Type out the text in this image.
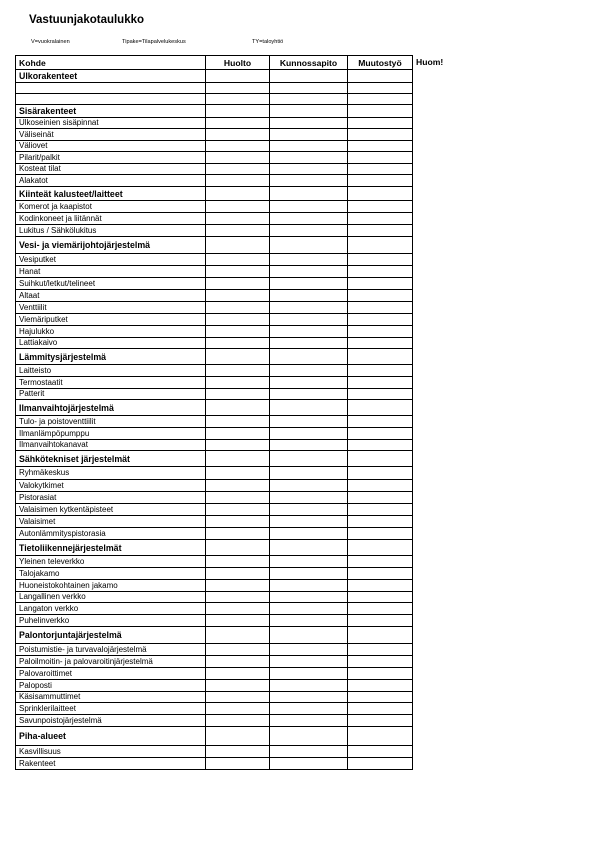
Vastuunjakotaulukko
V=vuokralainen	Tipake=Tilapalvelukeskus	TY=taloyhtiö
Kohde	Huolto	Kunnossapito	Muutostyö
Ulkorakenteet			

Sisärakenteet			
Ulkoseinien sisäpinnat			
Väliseinät			
Väliovet			
Pilarit/palkit			
Kosteat tilat			
Alakatot			
Kiinteät kalusteet/laitteet			
Komerot ja kaapistot			
Kodinkoneet ja liitännät			
Lukitus / Sähkölukitus			
Vesi- ja viemärijohtojärjestelmä			
Vesiputket			
Hanat			
Suihkut/letkut/telineet			
Altaat			
Venttiilit			
Viemäriputket			
Hajulukko			
Lattiakaivo			
Lämmitysjärjestelmä			
Laitteisto			
Termostaatit			
Patterit			
Ilmanvaihtojärjestelmä			
Tulo- ja poistoventtiilit			
Ilmanlämpöpumppu			
Ilmanvaihtokanavat			
Sähkötekniset järjestelmät			
Ryhmäkeskus			
Valokytkimet			
Pistorasiat			
Valaisimen kytkentäpisteet			
Valaisimet			
Autonlämmityspistorasia			
Tietoliikennejärjestelmät			
Yleinen televerkko			
Talojakamo			
Huoneistokohtainen jakamo			
Langallinen verkko			
Langaton verkko			
Puhelinverkko			
Palontorjuntajärjestelmä			
Poistumistie- ja turvavalojärjestelmä			
Paloilmoitin- ja palovaroitinjärjestelmä			
Palovaroittimet			
Paloposti			
Käsisammuttimet			
Sprinklerilaitteet			
Savunpoistojärjestelmä			
Piha-alueet			
Kasvillisuus			
Rakenteet			
Huom!
